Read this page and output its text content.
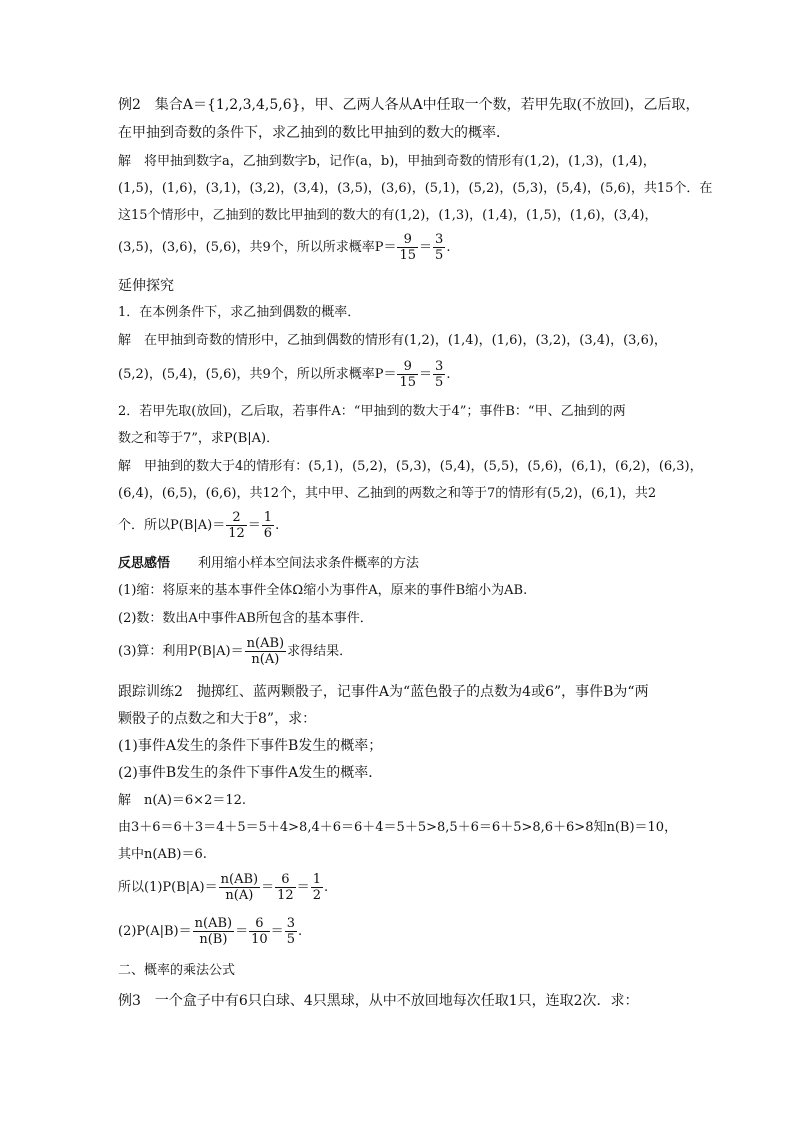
例2　集合A＝{1,2,3,4,5,6}，甲、乙两人各从A中任取一个数，若甲先取(不放回)，乙后取，
在甲抽到奇数的条件下，求乙抽到的数比甲抽到的数大的概率．
解　将甲抽到数字a，乙抽到数字b，记作(a，b)，甲抽到奇数的情形有(1,2)，(1,3)，(1,4)，
(1,5)，(1,6)，(3,1)，(3,2)，(3,4)，(3,5)，(3,6)，(5,1)，(5,2)，(5,3)，(5,4)，(5,6)，共15个．在
这15个情形中，乙抽到的数比甲抽到的数大的有(1,2)，(1,3)，(1,4)，(1,5)，(1,6)，(3,4)，
(3,5)，(3,6)，(5,6)，共9个，所以所求概率$P= \frac{9}{15} = \frac{3}{5}$ .
延伸探究
1．在本例条件下，求乙抽到偶数的概率．
解　在甲抽到奇数的情形中，乙抽到偶数的情形有(1,2)，(1,4)，(1,6)，(3,2)，(3,4)，(3,6)，
(5,2)，(5,4)，(5,6)，共9个，所以所求概率$P= \frac{9}{15} = \frac{3}{5}$ .
2．若甲先取(放回)，乙后取，若事件A：“甲抽到的数大于4”；事件B：“甲、乙抽到的两
数之和等于7”，求P(B|A)．
解　甲抽到的数大于4的情形有：(5,1)，(5,2)，(5,3)，(5,4)，(5,5)，(5,6)，(6,1)，(6,2)，(6,3)，
(6,4)，(6,5)，(6,6)，共12个，其中甲、乙抽到的两数之和等于7的情形有(5,2)，(6,1)，共2
个．所以$P(B|A)= \frac{2}{12} = \frac{1}{6}$ .
反思感悟 利用缩小样本空间法求条件概率的方法
(1)缩：将原来的基本事件全体Ω缩小为事件A，原来的事件B缩小为AB.
(2)数：数出A中事件AB所包含的基本事件．
(3)算：利用$P(B|A)= \frac{n(AB)}{n(A)}$ 求得结果．
跟踪训练2　抛掷红、蓝两颗骰子，记事件A为“蓝色骰子的点数为4或6”，事件B为“两
颗骰子的点数之和大于8”，求：
(1)事件A发生的条件下事件B发生的概率；
(2)事件B发生的条件下事件A发生的概率．
解　n(A)＝6×2＝12.
由3＋6＝6＋3＝4＋5＝5＋4>8,4＋6＝6＋4＝5＋5>8,5＋6＝6＋5>8,6＋6>8知n(B)＝10，
其中n(AB)＝6.
所以$(1)P(B|A)= \frac{n(AB)}{n(A)} = \frac{6}{12} = \frac{1}{2}$ .
$(2)P(A|B)= \frac{n(AB)}{n(B)} = \frac{6}{10} = \frac{3}{5}$ .
二、概率的乘法公式
例3　一个盒子中有6只白球、4只黑球，从中不放回地每次任取1只，连取2次．求：
